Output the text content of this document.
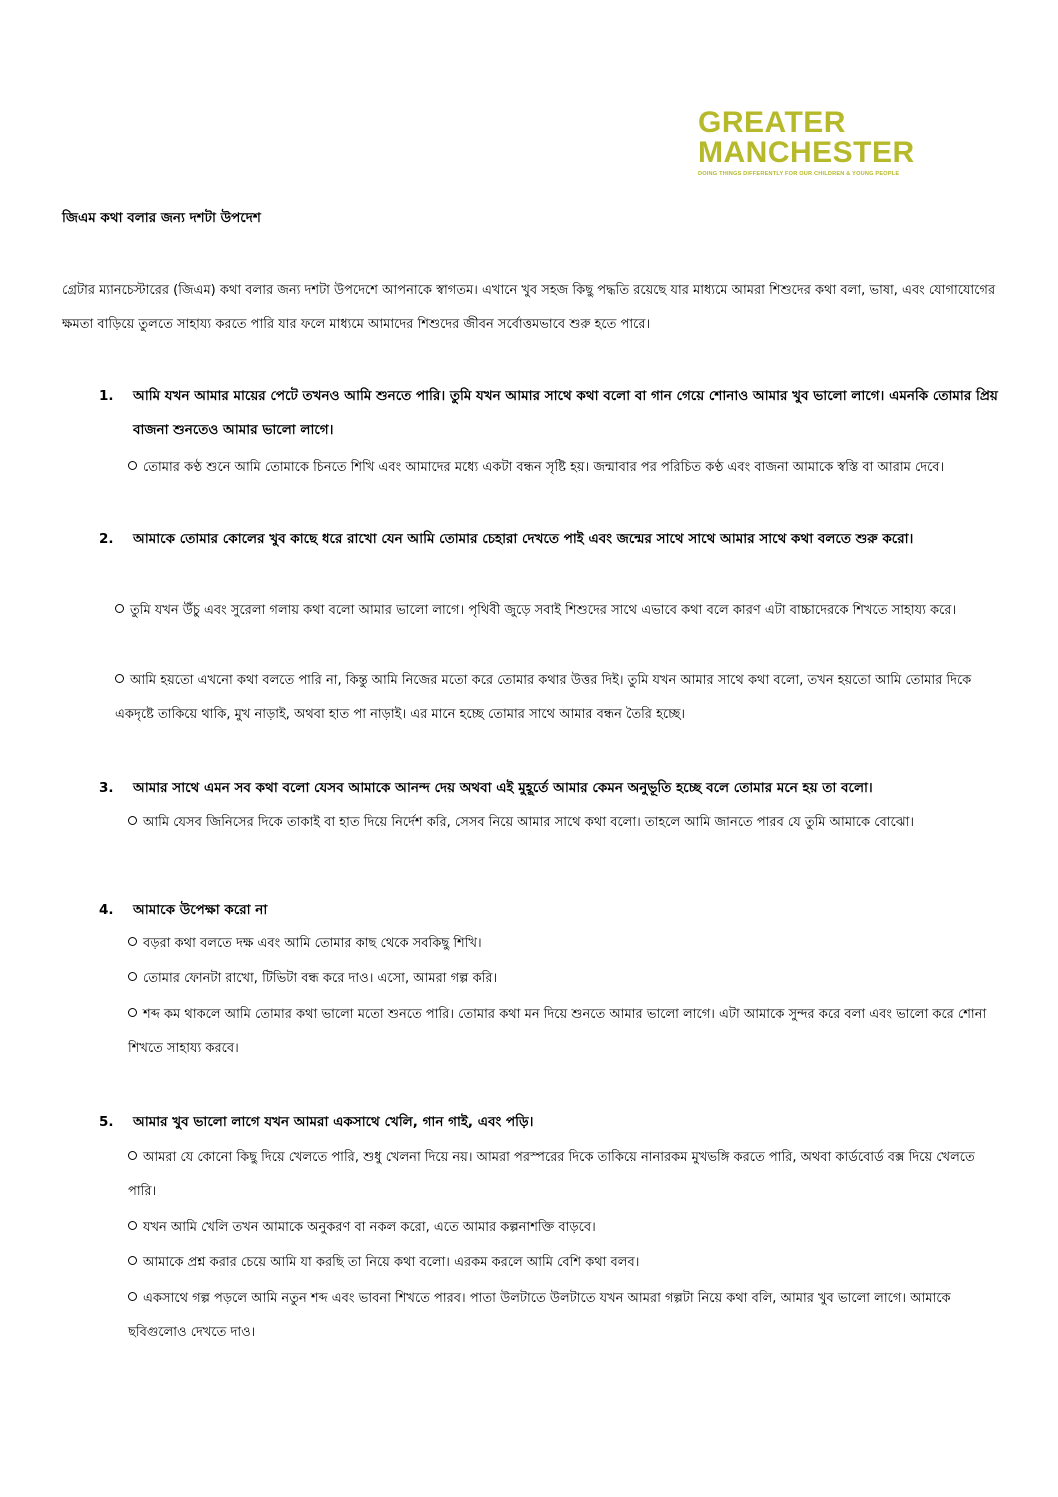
GREATER
MANCHESTER
DOING THINGS DIFFERENTLY FOR OUR CHILDREN & YOUNG PEOPLE
জিএম কথা বলার জন্য দশটা উপদেশ
গ্রেটার ম্যানচেস্টারের (জিএম) কথা বলার জন্য দশটা উপদেশে আপনাকে স্বাগতম। এখানে খুব সহজ কিছু পদ্ধতি রয়েছে যার মাধ্যমে আমরা শিশুদের কথা বলা, ভাষা, এবং যোগাযোগের ক্ষমতা বাড়িয়ে তুলতে সাহায্য করতে পারি যার ফলে মাধ্যমে আমাদের শিশুদের জীবন সর্বোত্তমভাবে শুরু হতে পারে।
1. আমি যখন আমার মায়ের পেটে তখনও আমি শুনতে পারি। তুমি যখন আমার সাথে কথা বলো বা গান গেয়ে শোনাও আমার খুব ভালো লাগে। এমনকি তোমার প্রিয় বাজনা শুনতেও আমার ভালো লাগে।
তোমার কণ্ঠ শুনে আমি তোমাকে চিনতে শিখি এবং আমাদের মধ্যে একটা বন্ধন সৃষ্টি হয়। জন্মাবার পর পরিচিত কণ্ঠ এবং বাজনা আমাকে স্বস্তি বা আরাম দেবে।
2. আমাকে তোমার কোলের খুব কাছে ধরে রাখো যেন আমি তোমার চেহারা দেখতে পাই এবং জন্মের সাথে সাথে আমার সাথে কথা বলতে শুরু করো।
তুমি যখন উঁচু এবং সুরেলা গলায় কথা বলো আমার ভালো লাগে। পৃথিবী জুড়ে সবাই শিশুদের সাথে এভাবে কথা বলে কারণ এটা বাচ্চাদেরকে শিখতে সাহায্য করে।
আমি হয়তো এখনো কথা বলতে পারি না, কিন্তু আমি নিজের মতো করে তোমার কথার উত্তর দিই। তুমি যখন আমার সাথে কথা বলো, তখন হয়তো আমি তোমার দিকে একদৃষ্টে তাকিয়ে থাকি, মুখ নাড়াই, অথবা হাত পা নাড়াই। এর মানে হচ্ছে তোমার সাথে আমার বন্ধন তৈরি হচ্ছে।
3. আমার সাথে এমন সব কথা বলো যেসব আমাকে আনন্দ দেয় অথবা এই মুহূর্তে আমার কেমন অনুভূতি হচ্ছে বলে তোমার মনে হয় তা বলো।
আমি যেসব জিনিসের দিকে তাকাই বা হাত দিয়ে নির্দেশ করি, সেসব নিয়ে আমার সাথে কথা বলো। তাহলে আমি জানতে পারব যে তুমি আমাকে বোঝো।
4. আমাকে উপেক্ষা করো না
বড়রা কথা বলতে দক্ষ এবং আমি তোমার কাছ থেকে সবকিছু শিখি।
তোমার ফোনটা রাখো, টিভিটা বন্ধ করে দাও। এসো, আমরা গল্প করি।
শব্দ কম থাকলে আমি তোমার কথা ভালো মতো শুনতে পারি। তোমার কথা মন দিয়ে শুনতে আমার ভালো লাগে। এটা আমাকে সুন্দর করে বলা এবং ভালো করে শোনা শিখতে সাহায্য করবে।
5. আমার খুব ভালো লাগে যখন আমরা একসাথে খেলি, গান গাই, এবং পড়ি।
আমরা যে কোনো কিছু দিয়ে খেলতে পারি, শুধু খেলনা দিয়ে নয়। আমরা পরস্পরের দিকে তাকিয়ে নানারকম মুখভঙ্গি করতে পারি, অথবা কার্ডবোর্ড বক্স দিয়ে খেলতে পারি।
যখন আমি খেলি তখন আমাকে অনুকরণ বা নকল করো, এতে আমার কল্পনাশক্তি বাড়বে।
আমাকে প্রশ্ন করার চেয়ে আমি যা করছি তা নিয়ে কথা বলো। এরকম করলে আমি বেশি কথা বলব।
একসাথে গল্প পড়লে আমি নতুন শব্দ এবং ভাবনা শিখতে পারব। পাতা উলটাতে উলটাতে যখন আমরা গল্পটা নিয়ে কথা বলি, আমার খুব ভালো লাগে। আমাকে ছবিগুলোও দেখতে দাও।
